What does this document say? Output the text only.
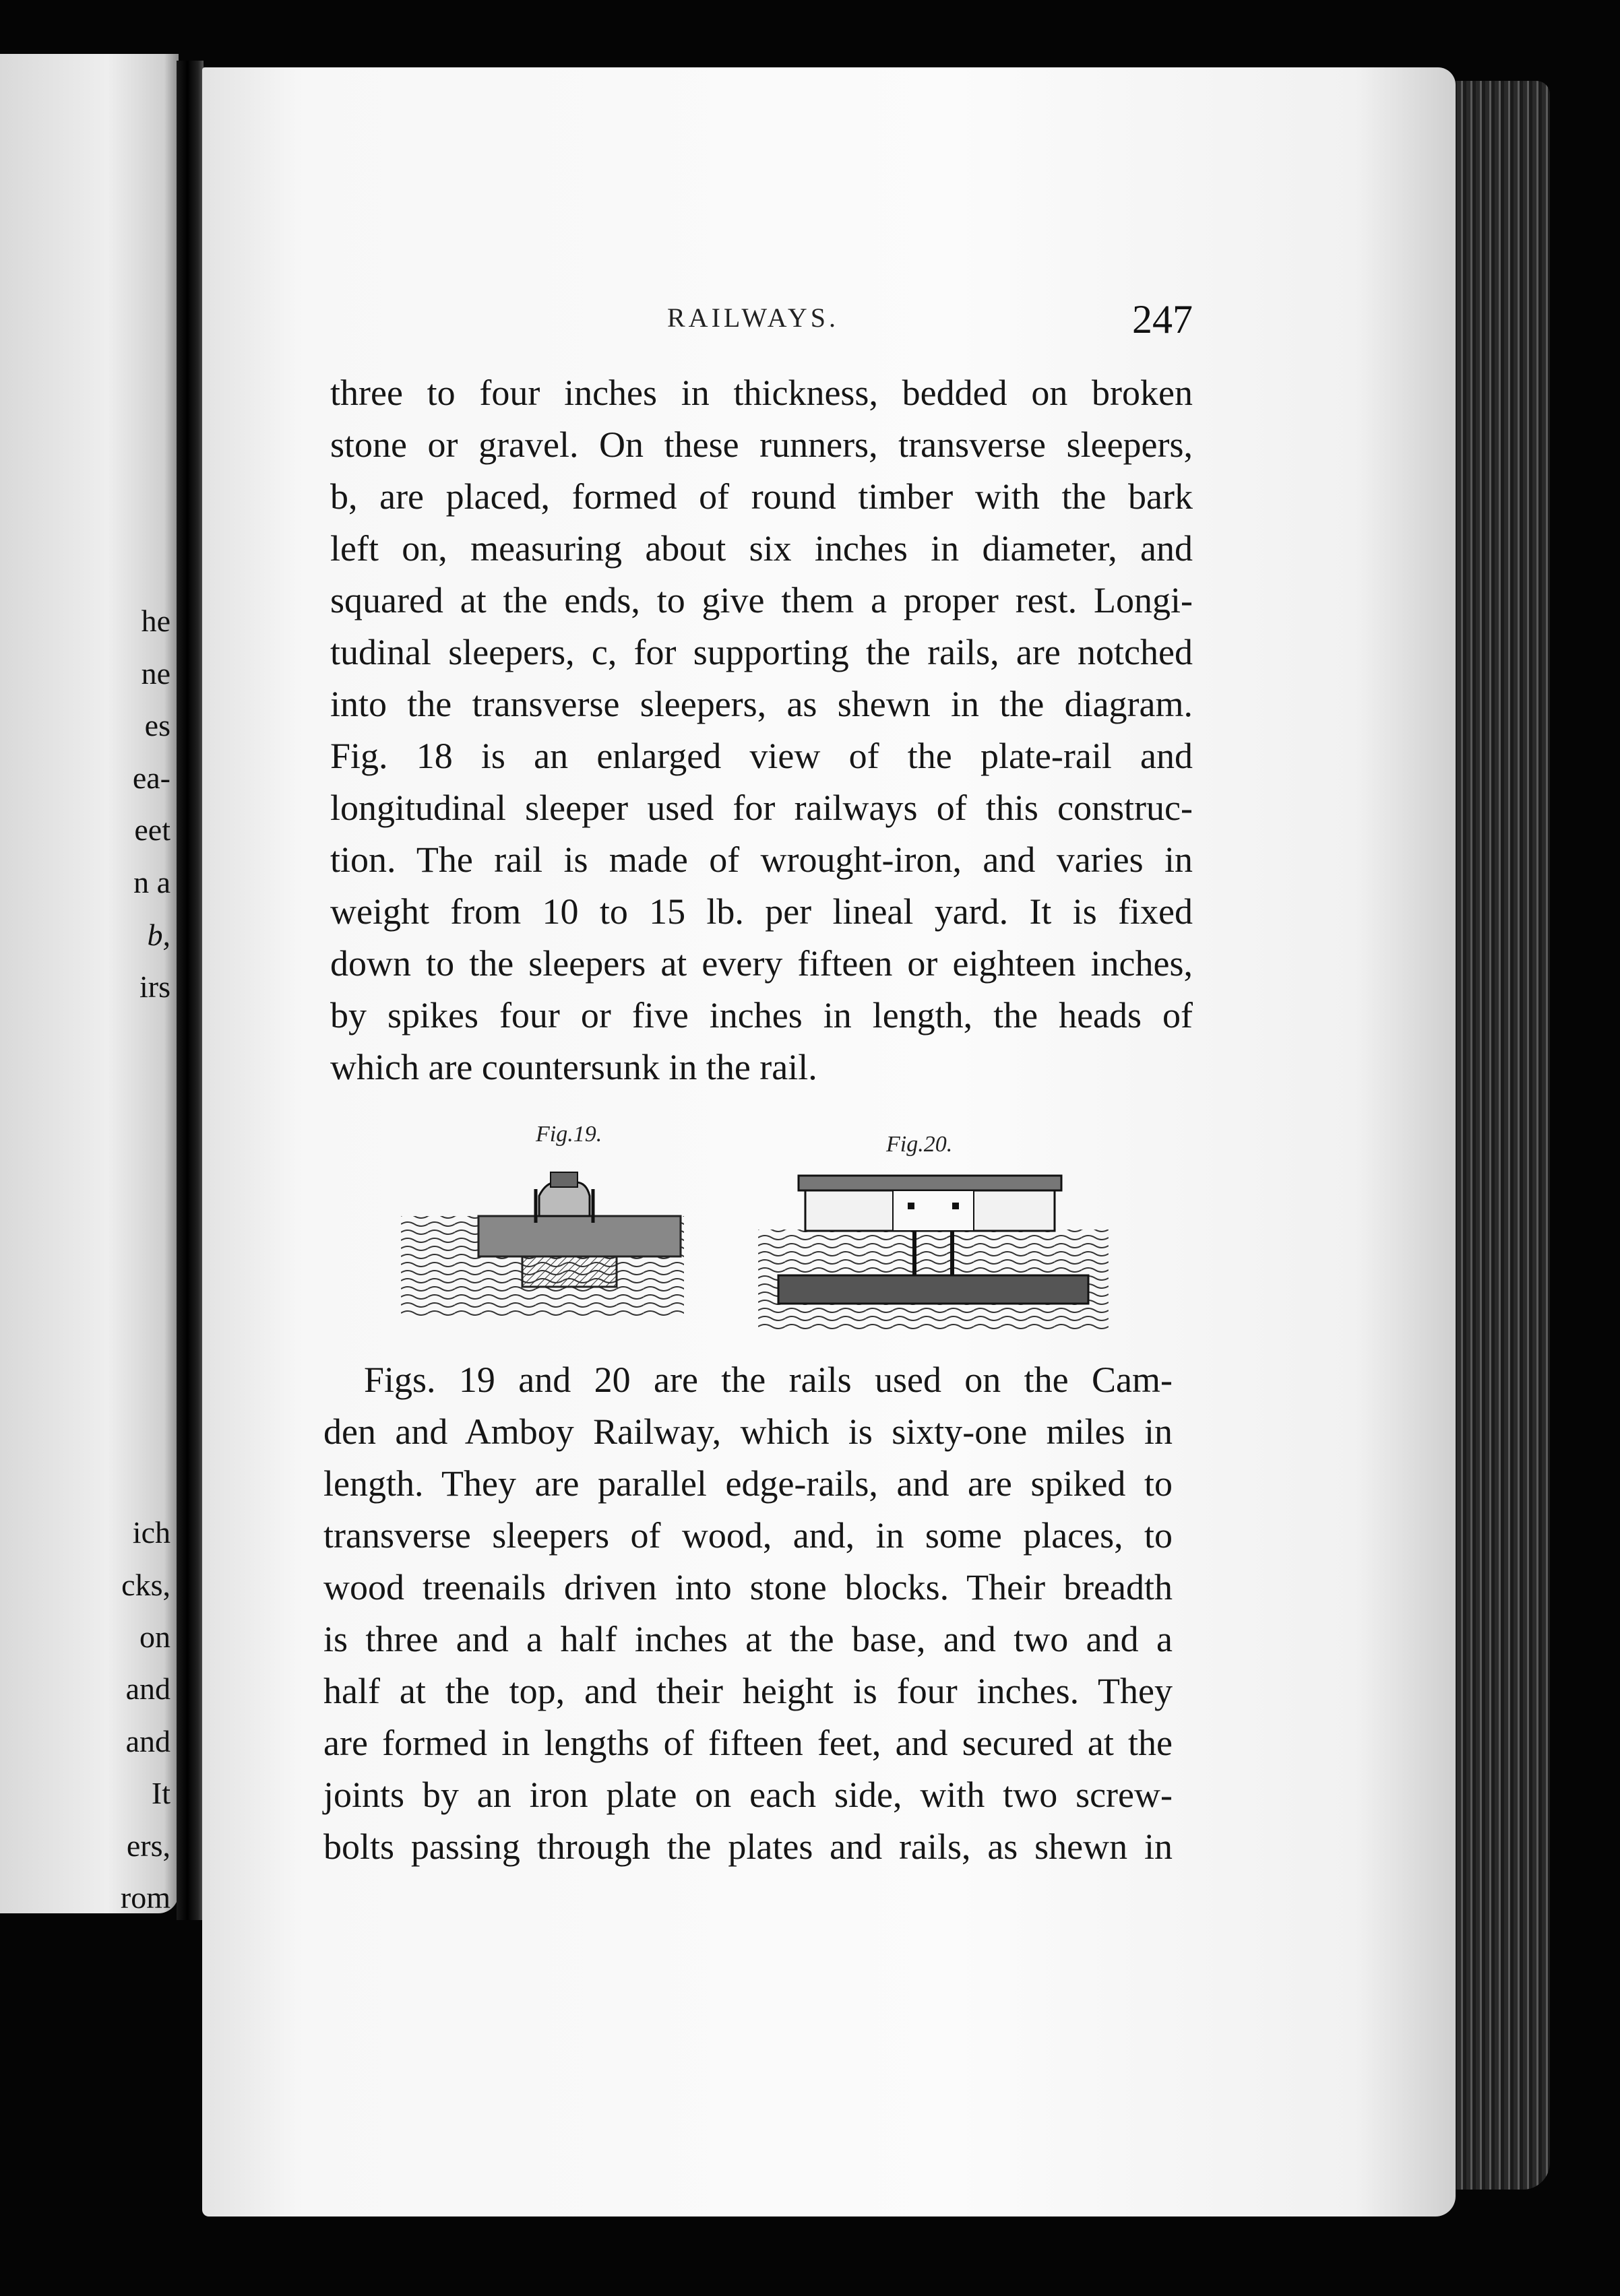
he
ne
es
ea-
eet
n a
b,
irs
ich
cks,
on
and
and
It
ers,
rom
RAILWAYS.	247
three to four inches in thickness, bedded on broken
stone or gravel. On these runners, transverse sleepers,
b, are placed, formed of round timber with the bark
left on, measuring about six inches in diameter, and
squared at the ends, to give them a proper rest. Longi-
tudinal sleepers, c, for supporting the rails, are notched
into the transverse sleepers, as shewn in the diagram.
Fig. 18 is an enlarged view of the plate-rail and
longitudinal sleeper used for railways of this construc-
tion. The rail is made of wrought-iron, and varies in
weight from 10 to 15 lb. per lineal yard. It is fixed
down to the sleepers at every fifteen or eighteen inches,
by spikes four or five inches in length, the heads of
which are countersunk in the rail.
Fig.19.	Fig.20.
Figs. 19 and 20 are the rails used on the Cam-
den and Amboy Railway, which is sixty-one miles in
length. They are parallel edge-rails, and are spiked to
transverse sleepers of wood, and, in some places, to
wood treenails driven into stone blocks. Their breadth
is three and a half inches at the base, and two and a
half at the top, and their height is four inches. They
are formed in lengths of fifteen feet, and secured at the
joints by an iron plate on each side, with two screw-
bolts passing through the plates and rails, as shewn in
